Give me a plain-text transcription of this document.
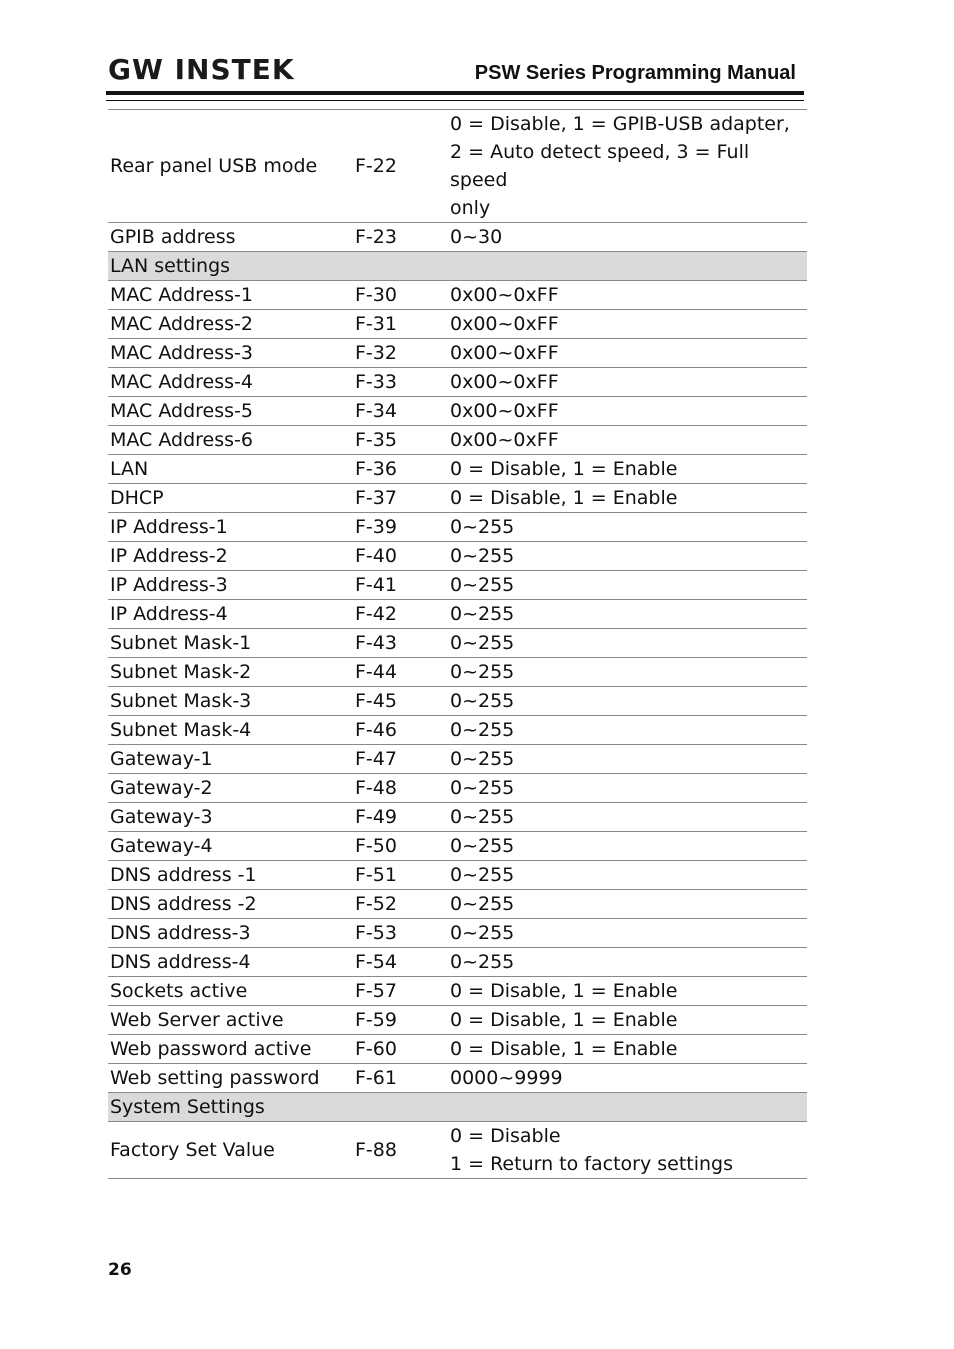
GW INSTEK	PSW Series Programming Manual
Rear panel USB mode	F-22	0 = Disable, 1 = GPIB-USB adapter,
2 = Auto detect speed, 3 = Full speed
only

GPIB address	F-23	0~30
LAN settings		
MAC Address-1	F-30	0x00~0xFF
MAC Address-2	F-31	0x00~0xFF
MAC Address-3	F-32	0x00~0xFF
MAC Address-4	F-33	0x00~0xFF
MAC Address-5	F-34	0x00~0xFF
MAC Address-6	F-35	0x00~0xFF
LAN	F-36	0 = Disable, 1 = Enable
DHCP	F-37	0 = Disable, 1 = Enable
IP Address-1	F-39	0~255
IP Address-2	F-40	0~255
IP Address-3	F-41	0~255
IP Address-4	F-42	0~255
Subnet Mask-1	F-43	0~255
Subnet Mask-2	F-44	0~255
Subnet Mask-3	F-45	0~255
Subnet Mask-4	F-46	0~255
Gateway-1	F-47	0~255
Gateway-2	F-48	0~255
Gateway-3	F-49	0~255
Gateway-4	F-50	0~255
DNS address -1	F-51	0~255
DNS address -2	F-52	0~255
DNS address-3	F-53	0~255
DNS address-4	F-54	0~255
Sockets active	F-57	0 = Disable, 1 = Enable
Web Server active	F-59	0 = Disable, 1 = Enable
Web password active	F-60	0 = Disable, 1 = Enable
Web setting password	F-61	0000~9999
System Settings		
Factory Set Value	F-88	0 = Disable
1 = Return to factory settings
26
